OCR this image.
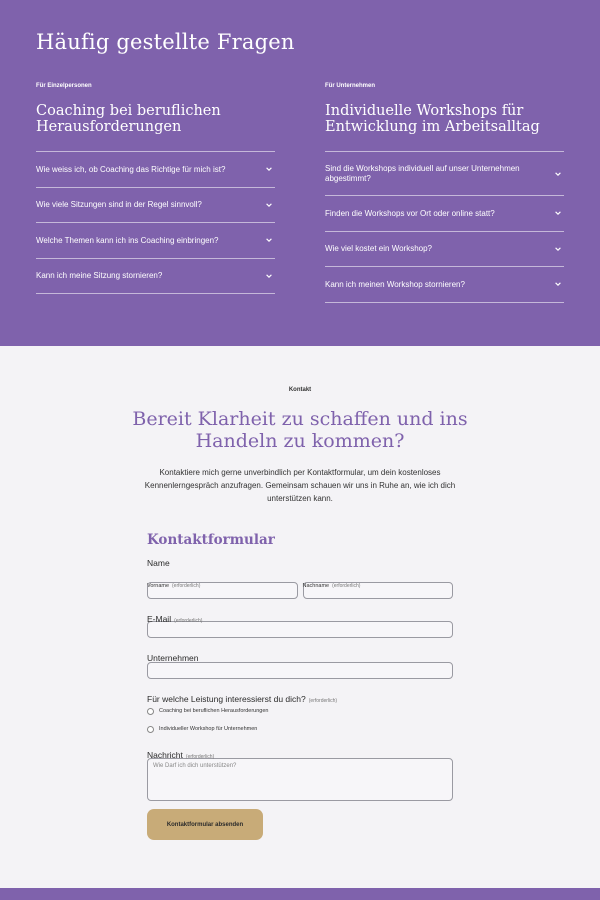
Häufig gestellte Fragen
Für Einzelpersonen
Coaching bei beruflichen Herausforderungen
Wie weiss ich, ob Coaching das Richtige für mich ist?
Wie viele Sitzungen sind in der Regel sinnvoll?
Welche Themen kann ich ins Coaching einbringen?
Kann ich meine Sitzung stornieren?
Für Unternehmen
Individuelle Workshops für Entwicklung im Arbeitsalltag
Sind die Workshops individuell auf unser Unternehmen abgestimmt?
Finden die Workshops vor Ort oder online statt?
Wie viel kostet ein Workshop?
Kann ich meinen Workshop stornieren?
Kontakt
Bereit Klarheit zu schaffen und ins Handeln zu kommen?

Kontaktiere mich gerne unverbindlich per Kontaktformular, um dein kostenloses Kennenlerngespräch anzufragen. Gemeinsam schauen wir uns in Ruhe an, wie ich dich unterstützen kann.

Kontaktformular
Name
Vorname (erforderlich)	Nachname (erforderlich)
E-Mail (erforderlich)
Unternehmen
Für welche Leistung interessierst du dich? (erforderlich)
Coaching bei beruflichen Herausforderungen
Individueller Workshop für Unternehmen
Nachricht (erforderlich)
Wie Darf ich dich unterstützen?
Kontaktformular absenden
